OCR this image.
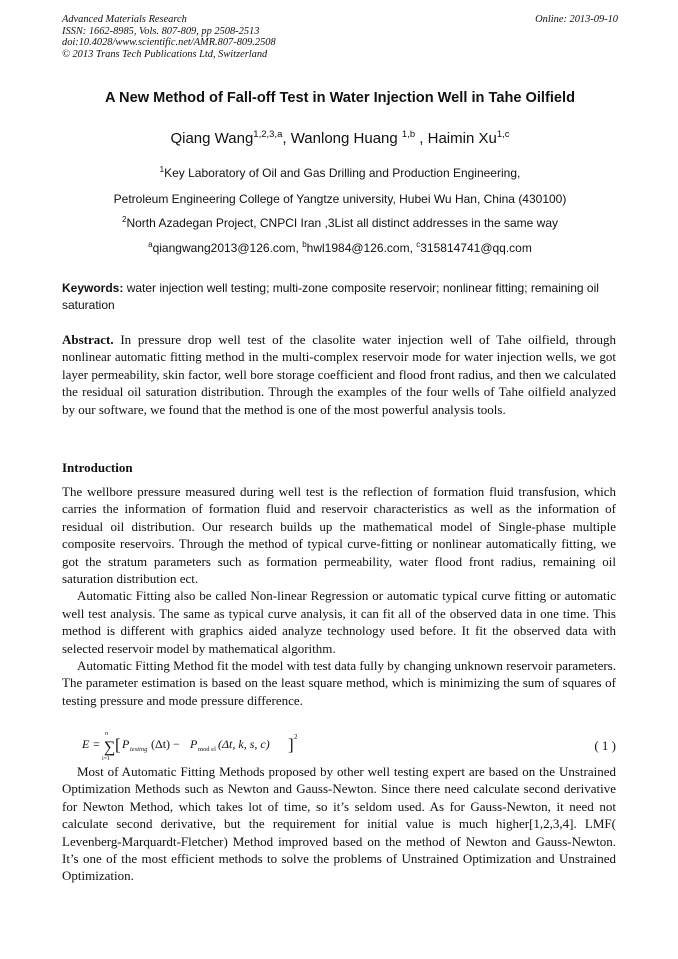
Advanced Materials Research
ISSN: 1662-8985, Vols. 807-809, pp 2508-2513
doi:10.4028/www.scientific.net/AMR.807-809.2508
© 2013 Trans Tech Publications Ltd, Switzerland
Online: 2013-09-10
A New Method of Fall-off Test in Water Injection Well in Tahe Oilfield
Qiang Wang$^{1,2,3,a}$, Wanlong Huang $^{1,b}$ , Haimin Xu$^{1,c}$
$^1$Key Laboratory of Oil and Gas Drilling and Production Engineering,
Petroleum Engineering College of Yangtze university, Hubei Wu Han, China (430100)
$^2$North Azadegan Project, CNPCI Iran ,3List all distinct addresses in the same way
$^a$qiangwang2013@126.com, $^b$hwl1984@126.com, $^c$315814741@qq.com
Keywords: water injection well testing; multi-zone composite reservoir; nonlinear fitting; remaining oil saturation

Abstract. In pressure drop well test of the clasolite water injection well of Tahe oilfield, through nonlinear automatic fitting method in the multi-complex reservoir mode for water injection wells, we got layer permeability, skin factor, well bore storage coefficient and flood front radius, and then we calculated the residual oil saturation distribution. Through the examples of the four wells of Tahe oilfield analyzed by our software, we found that the method is one of the most powerful analysis tools.

Introduction

The wellbore pressure measured during well test is the reflection of formation fluid transfusion, which carries the information of formation fluid and reservoir characteristics as well as the information of residual oil distribution. Our research builds up the mathematical model of Single-phase multiple composite reservoirs. Through the method of typical curve-fitting or nonlinear automatically fitting, we got the stratum parameters such as formation permeability, water flood front radius, remaining oil saturation distribution ect.

Automatic Fitting also be called Non-linear Regression or automatic typical curve fitting or automatic well test analysis. The same as typical curve analysis, it can fit all of the observed data in one time. This method is different with graphics aided analyze technology used before. It fit the observed data with selected reservoir model by mathematical algorithm.

Automatic Fitting Method fit the model with test data fully by changing unknown reservoir parameters. The parameter estimation is based on the least square method, which is minimizing the sum of squares of testing pressure and mode pressure difference.

E =
n
∑
i=1
[ P testing (Δt) − P mod el (Δt, k, s, c) ] 2
( 1 )

Most of Automatic Fitting Methods proposed by other well testing expert are based on the Unstrained Optimization Methods such as Newton and Gauss-Newton. Since there need calculate second derivative for Newton Method, which takes lot of time, so it’s seldom used. As for Gauss-Newton, it need not calculate second derivative, but the requirement for initial value is much higher[1,2,3,4]. LMF( Levenberg-Marquardt-Fletcher) Method improved based on the method of Newton and Gauss-Newton. It’s one of the most efficient methods to solve the problems of Unstrained Optimization and Unstrained Optimization.
